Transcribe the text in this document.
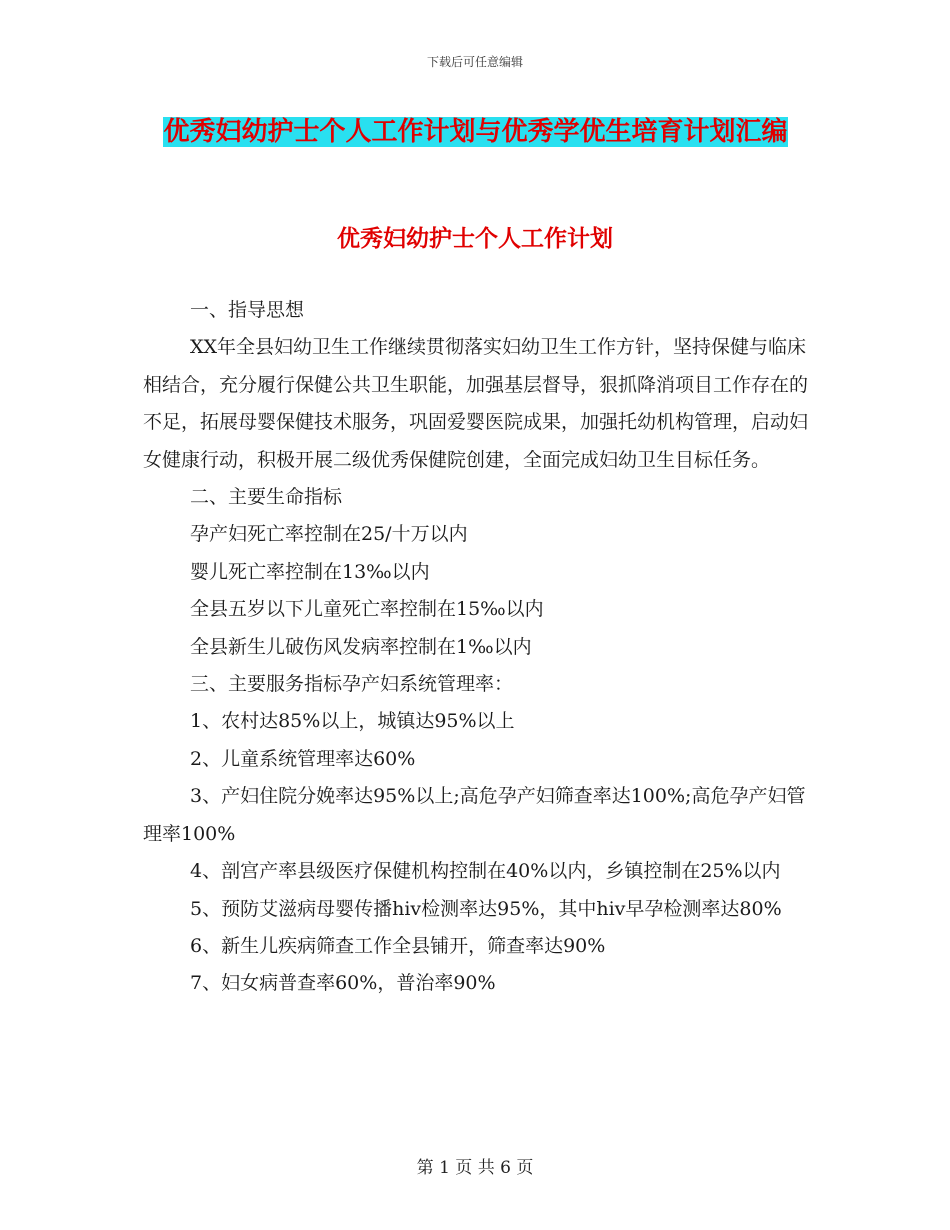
下载后可任意编辑
优秀妇幼护士个人工作计划与优秀学优生培育计划汇编
优秀妇幼护士个人工作计划

一、指导思想

XX年全县妇幼卫生工作继续贯彻落实妇幼卫生工作方针，坚持保健与临床相结合，充分履行保健公共卫生职能，加强基层督导，狠抓降消项目工作存在的不足，拓展母婴保健技术服务，巩固爱婴医院成果，加强托幼机构管理，启动妇女健康行动，积极开展二级优秀保健院创建，全面完成妇幼卫生目标任务。

二、主要生命指标

孕产妇死亡率控制在25/十万以内

婴儿死亡率控制在13‰以内

全县五岁以下儿童死亡率控制在15‰以内

全县新生儿破伤风发病率控制在1‰以内

三、主要服务指标孕产妇系统管理率：

1、农村达85%以上，城镇达95%以上

2、儿童系统管理率达60%

3、产妇住院分娩率达95%以上;高危孕产妇筛查率达100%;高危孕产妇管理率100%

4、剖宫产率县级医疗保健机构控制在40%以内，乡镇控制在25%以内

5、预防艾滋病母婴传播hiv检测率达95%，其中hiv早孕检测率达80%

6、新生儿疾病筛查工作全县铺开，筛查率达90%

7、妇女病普查率60%，普治率90%

第 1 页 共 6 页
